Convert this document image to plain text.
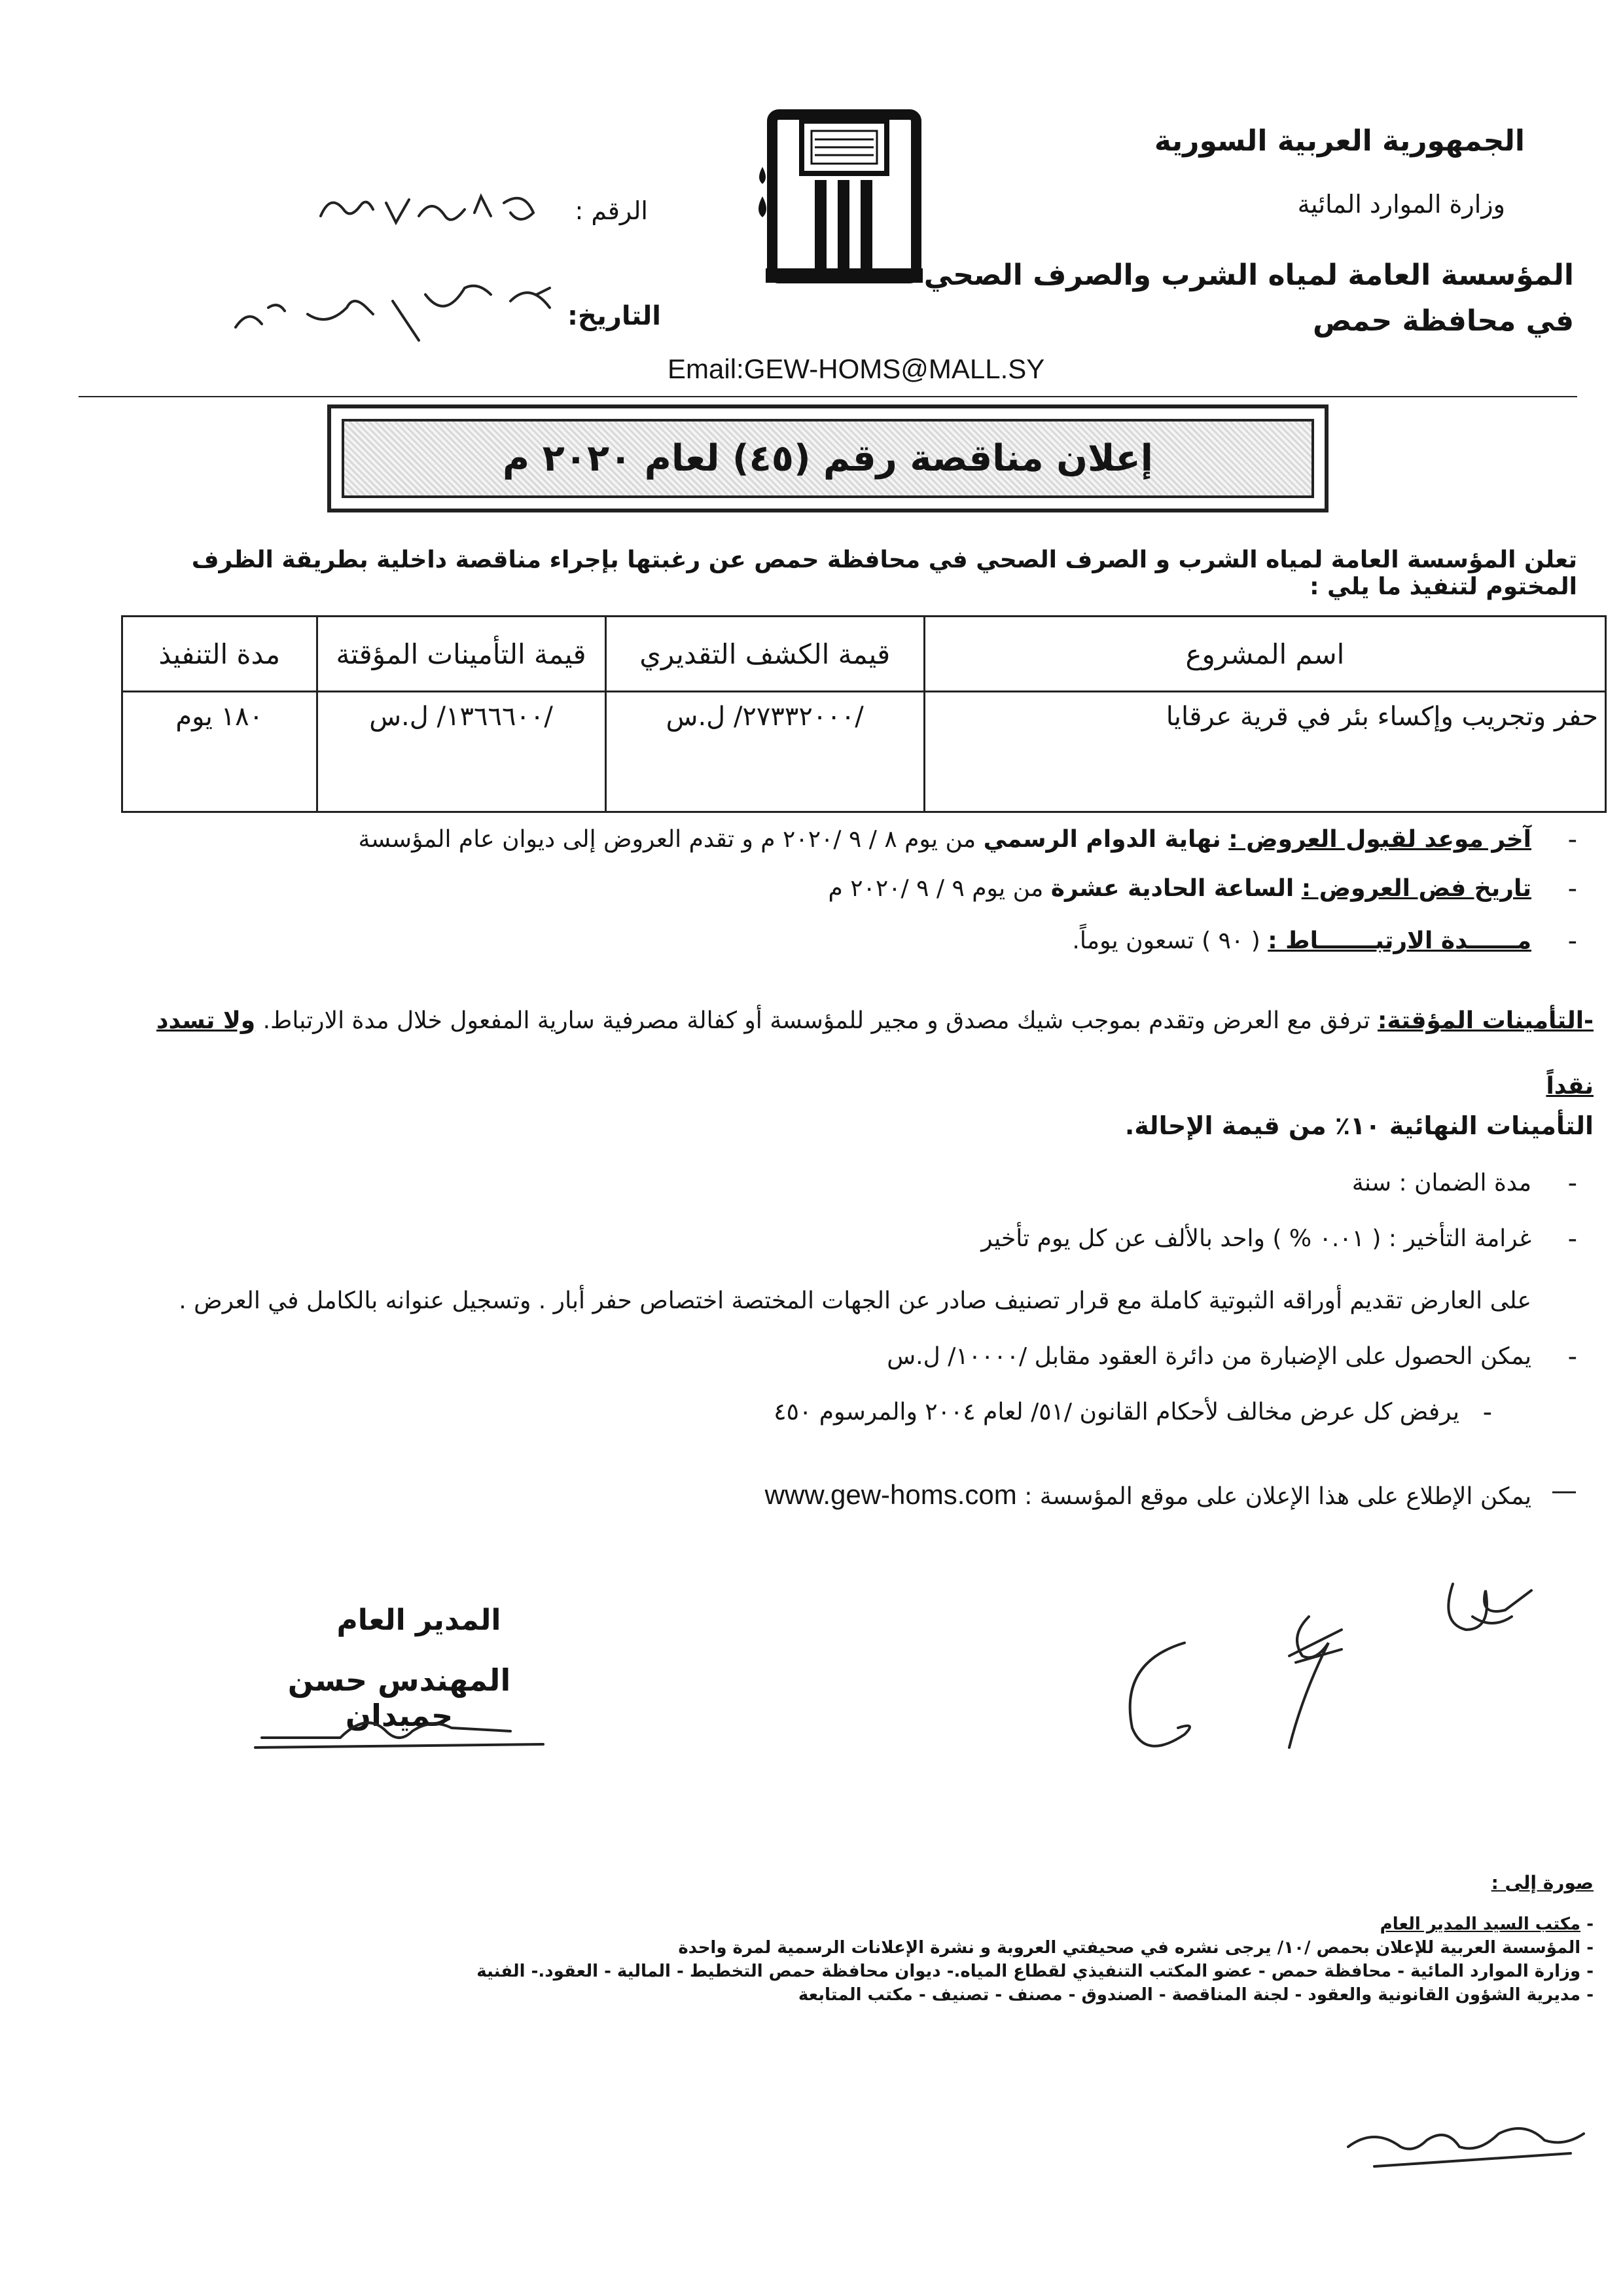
الجمهورية العربية السورية
وزارة الموارد المائية
المؤسسة العامة لمياه الشرب والصرف الصحي
في محافظة حمص
الرقم :
التاريخ:
Email:GEW-HOMS@MALL.SY
إعلان مناقصة رقم (٤٥) لعام ٢٠٢٠ م
تعلن المؤسسة العامة لمياه الشرب و الصرف الصحي في محافظة حمص عن رغبتها بإجراء مناقصة داخلية بطريقة الظرف المختوم لتنفيذ ما يلي :
اسم المشروع	قيمة الكشف التقديري	قيمة التأمينات المؤقتة	مدة التنفيذ
حفر وتجريب وإكساء بئر في قرية عرقايا	/٢٧٣٣٢٠٠٠/ ل.س	/١٣٦٦٦٠٠/ ل.س	١٨٠ يوم
-
آخر موعد لقبول العروض : نهاية الدوام الرسمي من يوم ٨ / ٩ /٢٠٢٠ م و تقدم العروض إلى ديوان عام المؤسسة
-
تاريخ فض العروض : الساعة الحادية عشرة من يوم ٩ / ٩ /٢٠٢٠ م
-
مــــــدة الارتبـــــــاط : ( ٩٠ ) تسعون يوماً.
-التأمينات المؤقتة: ترفق مع العرض وتقدم بموجب شيك مصدق و مجير للمؤسسة أو كفالة مصرفية سارية المفعول خلال مدة الارتباط. ولا تسدد نقداً
التأمينات النهائية ١٠٪ من قيمة الإحالة.
-
مدة الضمان : سنة
-
غرامة التأخير : ( ٠.٠١ % ) واحد بالألف عن كل يوم تأخير
على العارض تقديم أوراقه الثبوتية كاملة مع قرار تصنيف صادر عن الجهات المختصة اختصاص حفر أبار . وتسجيل عنوانه بالكامل في العرض .
-
يمكن الحصول على الإضبارة من دائرة العقود مقابل /١٠٠٠٠/ ل.س
-
يرفض كل عرض مخالف لأحكام القانون /٥١/ لعام ٢٠٠٤ والمرسوم ٤٥٠
—
يمكن الإطلاع على هذا الإعلان على موقع المؤسسة : www.gew-homs.com
المدير العام
المهندس حسن حميدان
صورة إلى :
- مكتب السيد المدير العام
- المؤسسة العربية للإعلان بحمص /١٠/ يرجى نشره في صحيفتي العروبة و نشرة الإعلانات الرسمية لمرة واحدة
- وزارة الموارد المائية - محافظة حمص - عضو المكتب التنفيذي لقطاع المياه.- ديوان محافظة حمص التخطيط - المالية - العقود.- الفنية
- مديرية الشؤون القانونية والعقود - لجنة المناقصة - الصندوق - مصنف - تصنيف - مكتب المتابعة
